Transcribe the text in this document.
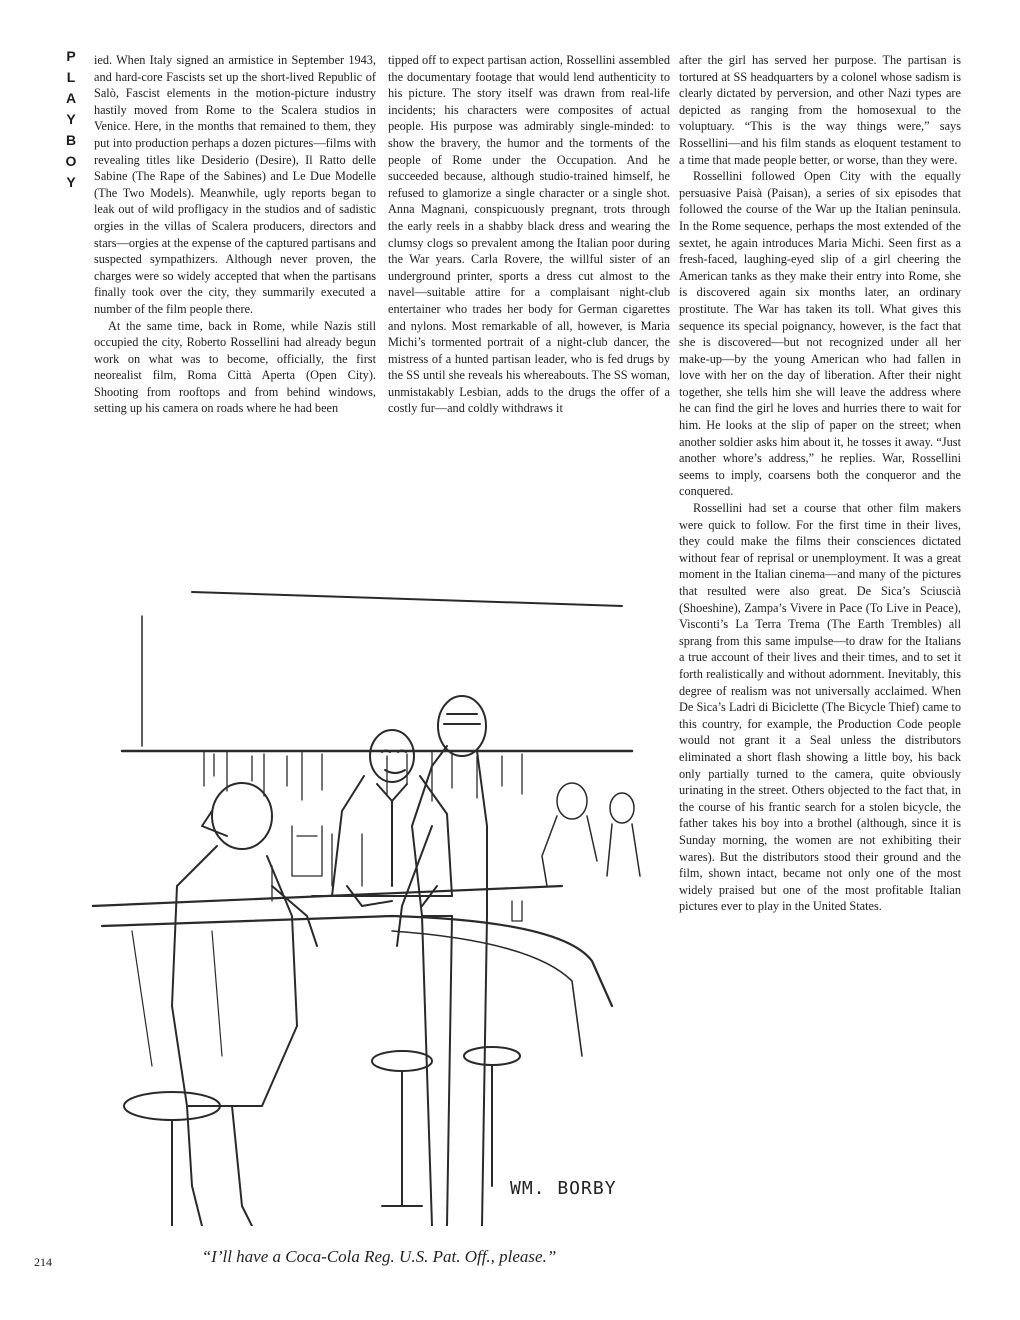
P
L
A
Y
B
O
Y

ied. When Italy signed an armistice in September 1943, and hard-core Fascists set up the short-lived Republic of Salò, Fascist elements in the motion-picture industry hastily moved from Rome to the Scalera studios in Venice. Here, in the months that remained to them, they put into production perhaps a dozen pictures—films with revealing titles like Desiderio (Desire), Il Ratto delle Sabine (The Rape of the Sabines) and Le Due Modelle (The Two Models). Meanwhile, ugly reports began to leak out of wild profligacy in the studios and of sadistic orgies in the villas of Scalera producers, directors and stars—orgies at the expense of the captured partisans and suspected sympathizers. Although never proven, the charges were so widely accepted that when the partisans finally took over the city, they summarily executed a number of the film people there.

At the same time, back in Rome, while Nazis still occupied the city, Roberto Rossellini had already begun work on what was to become, officially, the first neorealist film, Roma Città Aperta (Open City). Shooting from rooftops and from behind windows, setting up his camera on roads where he had been

tipped off to expect partisan action, Rossellini assembled the documentary footage that would lend authenticity to his picture. The story itself was drawn from real-life incidents; his characters were composites of actual people. His purpose was admirably single-minded: to show the bravery, the humor and the torments of the people of Rome under the Occupation. And he succeeded because, although studio-trained himself, he refused to glamorize a single character or a single shot. Anna Magnani, conspicuously pregnant, trots through the early reels in a shabby black dress and wearing the clumsy clogs so prevalent among the Italian poor during the War years. Carla Rovere, the willful sister of an underground printer, sports a dress cut almost to the navel—suitable attire for a complaisant night-club entertainer who trades her body for German cigarettes and nylons. Most remarkable of all, however, is Maria Michi’s tormented portrait of a night-club dancer, the mistress of a hunted partisan leader, who is fed drugs by the SS until she reveals his whereabouts. The SS woman, unmistakably Lesbian, adds to the drugs the offer of a costly fur—and coldly withdraws it

after the girl has served her purpose. The partisan is tortured at SS headquarters by a colonel whose sadism is clearly dictated by perversion, and other Nazi types are depicted as ranging from the homosexual to the voluptuary. “This is the way things were,” says Rossellini—and his film stands as eloquent testament to a time that made people better, or worse, than they were.

Rossellini followed Open City with the equally persuasive Paisà (Paisan), a series of six episodes that followed the course of the War up the Italian peninsula. In the Rome sequence, perhaps the most extended of the sextet, he again introduces Maria Michi. Seen first as a fresh-faced, laughing-eyed slip of a girl cheering the American tanks as they make their entry into Rome, she is discovered again six months later, an ordinary prostitute. The War has taken its toll. What gives this sequence its special poignancy, however, is the fact that she is discovered—but not recognized under all her make-up—by the young American who had fallen in love with her on the day of liberation. After their night together, she tells him she will leave the address where he can find the girl he loves and hurries there to wait for him. He looks at the slip of paper on the street; when another soldier asks him about it, he tosses it away. “Just another whore’s address,” he replies. War, Rossellini seems to imply, coarsens both the conqueror and the conquered.

Rossellini had set a course that other film makers were quick to follow. For the first time in their lives, they could make the films their consciences dictated without fear of reprisal or unemployment. It was a great moment in the Italian cinema—and many of the pictures that resulted were also great. De Sica’s Sciuscià (Shoeshine), Zampa’s Vivere in Pace (To Live in Peace), Visconti’s La Terra Trema (The Earth Trembles) all sprang from this same impulse—to draw for the Italians a true account of their lives and their times, and to set it forth realistically and without adornment. Inevitably, this degree of realism was not universally acclaimed. When De Sica’s Ladri di Biciclette (The Bicycle Thief) came to this country, for example, the Production Code people would not grant it a Seal unless the distributors eliminated a short flash showing a little boy, his back only partially turned to the camera, quite obviously urinating in the street. Others objected to the fact that, in the course of his frantic search for a stolen bicycle, the father takes his boy into a brothel (although, since it is Sunday morning, the women are not exhibiting their wares). But the distributors stood their ground and the film, shown intact, became not only one of the most widely praised but one of the most profitable Italian pictures ever to play in the United States.

WM. BORBY
“I’ll have a Coca-Cola Reg. U.S. Pat. Off., please.”
214
